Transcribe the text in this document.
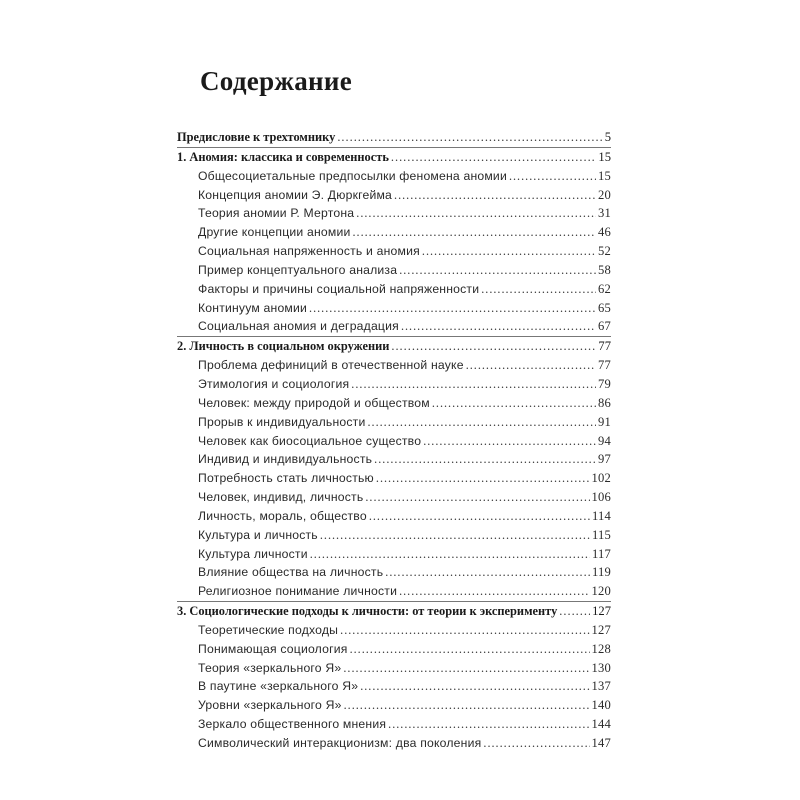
Содержание
Предисловие к трехтомнику .....	5
1. Аномия: классика и современность .....	15
Общесоциетальные предпосылки феномена аномии .....	15
Концепция аномии Э. Дюркгейма .....	20
Теория аномии Р. Мертона .....	31
Другие концепции аномии .....	46
Социальная напряженность и аномия .....	52
Пример концептуального анализа .....	58
Факторы и причины социальной напряженности .....	62
Континуум аномии .....	65
Социальная аномия и деградация .....	67
2. Личность в социальном окружении .....	77
Проблема дефиниций в отечественной науке .....	77
Этимология и социология .....	79
Человек: между природой и обществом .....	86
Прорыв к индивидуальности .....	91
Человек как биосоциальное существо .....	94
Индивид и индивидуальность .....	97
Потребность стать личностью .....	102
Человек, индивид, личность .....	106
Личность, мораль, общество .....	114
Культура и личность .....	115
Культура личности .....	117
Влияние общества на личность .....	119
Религиозное понимание личности .....	120
3. Социологические подходы к личности: от теории к эксперименту .....	127
Теоретические подходы .....	127
Понимающая социология .....	128
Теория «зеркального Я» .....	130
В паутине «зеркального Я» .....	137
Уровни «зеркального Я» .....	140
Зеркало общественного мнения .....	144
Символический интеракционизм: два поколения .....	147
